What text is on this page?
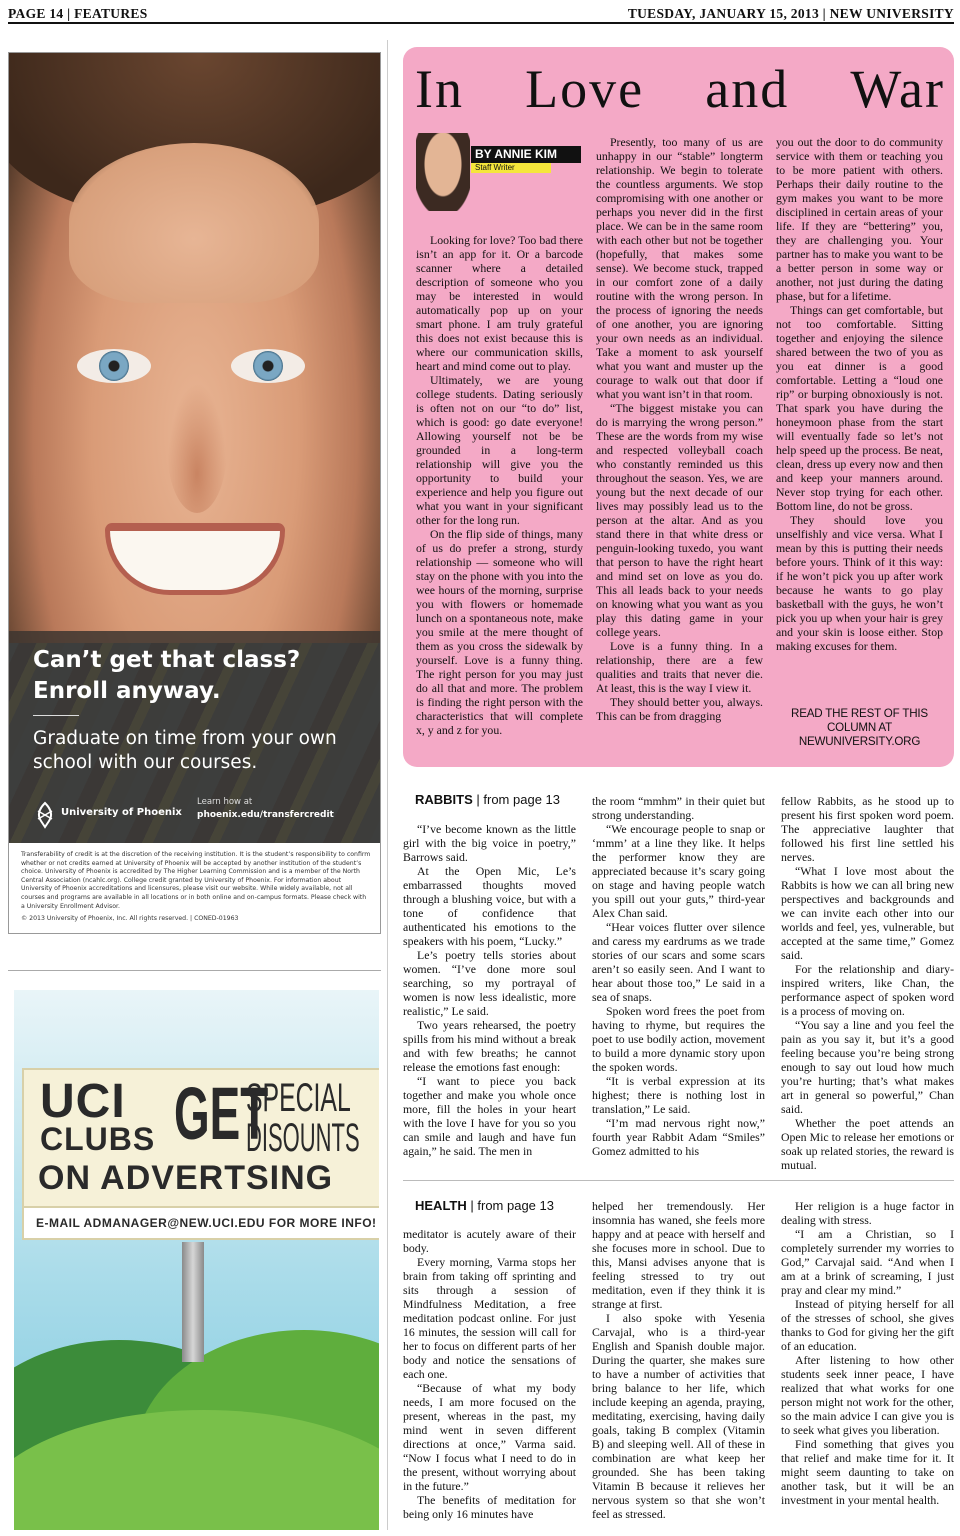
PAGE 14 | FEATURES	TUESDAY, JANUARY 15, 2013 | NEW UNIVERSITY
Can’t get that class?
Enroll anyway.
Graduate on time from your own school with our courses.
University of Phoenix
Learn how at
phoenix.edu/transfercredit
Transferability of credit is at the discretion of the receiving institution. It is the student’s responsibility to confirm whether or not credits earned at University of Phoenix will be accepted by another institution of the student’s choice. University of Phoenix is accredited by The Higher Learning Commission and is a member of the North Central Association (ncahlc.org). College credit granted by University of Phoenix. For information about University of Phoenix accreditations and licensures, please visit our website. While widely available, not all courses and programs are available in all locations or in both online and on-campus formats. Please check with a University Enrollment Advisor.
© 2013 University of Phoenix, Inc. All rights reserved. | CONED-01963
UCI
CLUBS GET
SPECIAL
DISOUNTS
ON ADVERTSING
E-MAIL ADMANAGER@NEW.UCI.EDU FOR MORE INFO!
In Love and War
BY ANNIE KIM
Staff Writer

Looking for love? Too bad there isn’t an app for it. Or a barcode scanner where a detailed description of someone who you may be interested in would automatically pop up on your smart phone. I am truly grateful this does not exist because this is where our communication skills, heart and mind come out to play.

Ultimately, we are young college students. Dating seriously is often not on our “to do” list, which is good: go date everyone! Allowing yourself not be be grounded in a long-term relationship will give you the opportunity to build your experience and help you figure out what you want in your significant other for the long run.

On the flip side of things, many of us do prefer a strong, sturdy relationship — someone who will stay on the phone with you into the wee hours of the morning, surprise you with flowers or homemade lunch on a spontaneous note, make you smile at the mere thought of them as you cross the sidewalk by yourself. Love is a funny thing. The right person for you may just do all that and more. The problem is finding the right person with the characteristics that will complete x, y and z for you.

Presently, too many of us are unhappy in our “stable” longterm relationship. We begin to tolerate the countless arguments. We stop compromising with one another or perhaps you never did in the first place. We can be in the same room with each other but not be together (hopefully, that makes some sense). We become stuck, trapped in our comfort zone of a daily routine with the wrong person. In the process of ignoring the needs of one another, you are ignoring your own needs as an individual. Take a moment to ask yourself what you want and muster up the courage to walk out that door if what you want isn’t in that room.

“The biggest mistake you can do is marrying the wrong person.” These are the words from my wise and respected volleyball coach who constantly reminded us this throughout the season. Yes, we are young but the next decade of our lives may possibly lead us to the person at the altar. And as you stand there in that white dress or penguin-looking tuxedo, you want that person to have the right heart and mind set on love as you do. This all leads back to your needs on knowing what you want as you play this dating game in your college years.

Love is a funny thing. In a relationship, there are a few qualities and traits that never die. At least, this is the way I view it.

They should better you, always. This can be from dragging

you out the door to do community service with them or teaching you to be more patient with others. Perhaps their daily routine to the gym makes you want to be more disciplined in certain areas of your life. If they are “bettering” you, they are challenging you. Your partner has to make you want to be a better person in some way or another, not just during the dating phase, but for a lifetime.

Things can get comfortable, but not too comfortable. Sitting together and enjoying the silence shared between the two of you as you eat dinner is a good comfortable. Letting a “loud one rip” or burping obnoxiously is not. That spark you have during the honeymoon phase from the start will eventually fade so let’s not help speed up the process. Be neat, clean, dress up every now and then and keep your manners around. Never stop trying for each other. Bottom line, do not be gross.

They should love you unselfishly and vice versa. What I mean by this is putting their needs before yours. Think of it this way: if he won’t pick you up after work because he wants to go play basketball with the guys, he won’t pick you up when your hair is grey and your skin is loose either. Stop making excuses for them.

READ THE REST OF THIS COLUMN AT NEWUNIVERSITY.ORG
RABBITS | from page 13

“I’ve become known as the little girl with the big voice in poetry,” Barrows said.

At the Open Mic, Le’s embarrassed thoughts moved through a blushing voice, but with a tone of confidence that authenticated his emotions to the speakers with his poem, “Lucky.”

Le’s poetry tells stories about women. “I’ve done more soul searching, so my portrayal of women is now less idealistic, more realistic,” Le said.

Two years rehearsed, the poetry spills from his mind without a break and with few breaths; he cannot release the emotions fast enough:

“I want to piece you back together and make you whole once more, fill the holes in your heart with the love I have for you so you can smile and laugh and have fun again,” he said. The men in

the room “mmhm” in their quiet but strong understanding.

“We encourage people to snap or ‘mmm’ at a line they like. It helps the performer know they are appreciated because it’s scary going on stage and having people watch you spill out your guts,” third-year Alex Chan said.

“Hear voices flutter over silence and caress my eardrums as we trade stories of our scars and some scars aren’t so easily seen. And I want to hear about those too,” Le said in a sea of snaps.

Spoken word frees the poet from having to rhyme, but requires the poet to use bodily action, movement to build a more dynamic story upon the spoken words.

“It is verbal expression at its highest; there is nothing lost in translation,” Le said.

“I’m mad nervous right now,” fourth year Rabbit Adam “Smiles” Gomez admitted to his

fellow Rabbits, as he stood up to present his first spoken word poem. The appreciative laughter that followed his first line settled his nerves.

“What I love most about the Rabbits is how we can all bring new perspectives and backgrounds and we can invite each other into our worlds and feel, yes, vulnerable, but accepted at the same time,” Gomez said.

For the relationship and diary-inspired writers, like Chan, the performance aspect of spoken word is a process of moving on.

“You say a line and you feel the pain as you say it, but it’s a good feeling because you’re being strong enough to say out loud how much you’re hurting; that’s what makes art in general so powerful,” Chan said.

Whether the poet attends an Open Mic to release her emotions or soak up related stories, the reward is mutual.

HEALTH | from page 13

meditator is acutely aware of their body.

Every morning, Varma stops her brain from taking off sprinting and sits through a session of Mindfulness Meditation, a free meditation podcast online. For just 16 minutes, the session will call for her to focus on different parts of her body and notice the sensations of each one.

“Because of what my body needs, I am more focused on the present, whereas in the past, my mind went in seven different directions at once,” Varma said. “Now I focus what I need to do in the present, without worrying about in the future.”

The benefits of meditation for being only 16 minutes have

helped her tremendously. Her insomnia has waned, she feels more happy and at peace with herself and she focuses more in school. Due to this, Mansi advises anyone that is feeling stressed to try out meditation, even if they think it is strange at first.

I also spoke with Yesenia Carvajal, who is a third-year English and Spanish double major. During the quarter, she makes sure to have a number of activities that bring balance to her life, which include keeping an agenda, praying, meditating, exercising, having daily goals, taking B complex (Vitamin B) and sleeping well. All of these in combination are what keep her grounded. She has been taking Vitamin B because it relieves her nervous system so that she won’t feel as stressed.

Her religion is a huge factor in dealing with stress.

“I am a Christian, so I completely surrender my worries to God,” Carvajal said. “And when I am at a brink of screaming, I just pray and clear my mind.”

Instead of pitying herself for all of the stresses of school, she gives thanks to God for giving her the gift of an education.

After listening to how other students seek inner peace, I have realized that what works for one person might not work for the other, so the main advice I can give you is to seek what gives you liberation.

Find something that gives you that relief and make time for it. It might seem daunting to take on another task, but it will be an investment in your mental health.
